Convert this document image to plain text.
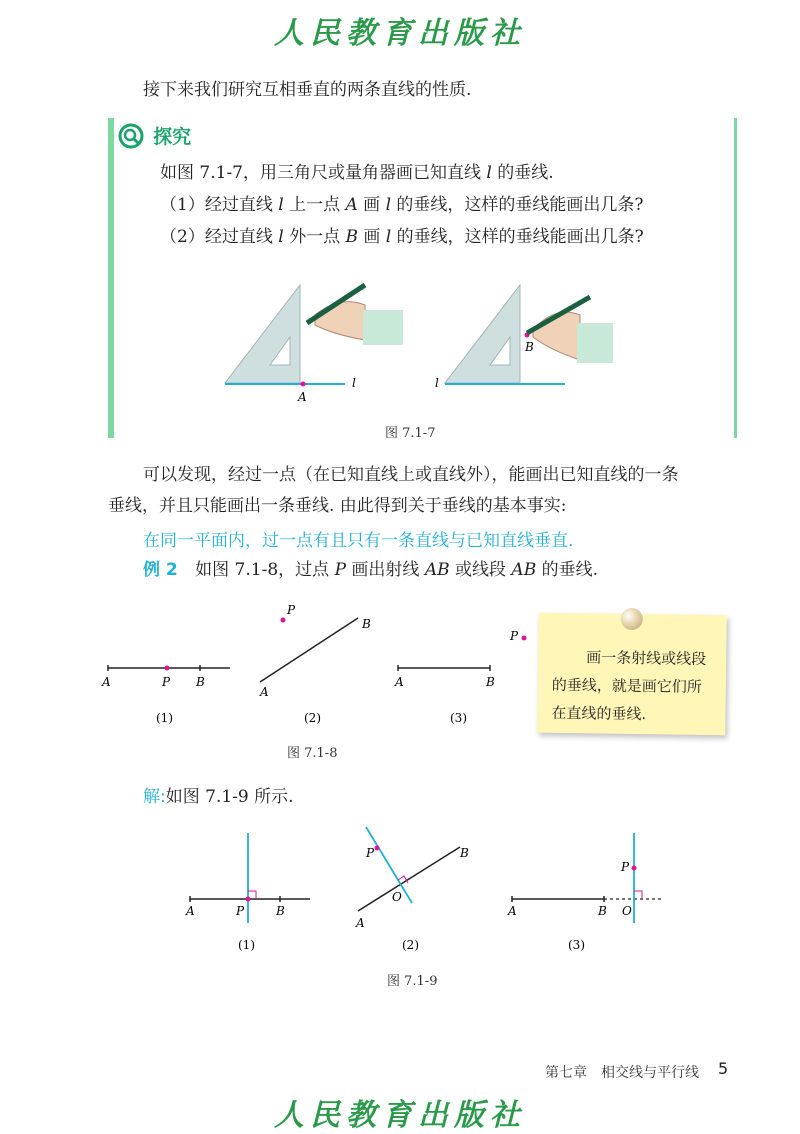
人民教育出版社
接下来我们研究互相垂直的两条直线的性质.
探究
如图 7.1-7，用三角尺或量角器画已知直线 l 的垂线.
（1）经过直线 l 上一点 A 画 l 的垂线，这样的垂线能画出几条?
（2）经过直线 l 外一点 B 画 l 的垂线，这样的垂线能画出几条?
A
l	l
B
图 7.1-7
可以发现，经过一点（在已知直线上或直线外），能画出已知直线的一条
垂线，并且只能画出一条垂线. 由此得到关于垂线的基本事实:
在同一平面内，过一点有且只有一条直线与已知直线垂直.
例 2 如图 7.1-8，过点 P 画出射线 AB 或线段 AB 的垂线.
A	P B
(1)
P
A
B
(2)
P
A	B
(3)
图 7.1-8
画一条射线或线段
的垂线，就是画它们所
在直线的垂线.
解:如图 7.1-9 所示.
A	P	B
(1)
P
O
A
B
(2)
P
A	B O
(3)
图 7.1-9
第七章 相交线与平行线 5
人民教育出版社
